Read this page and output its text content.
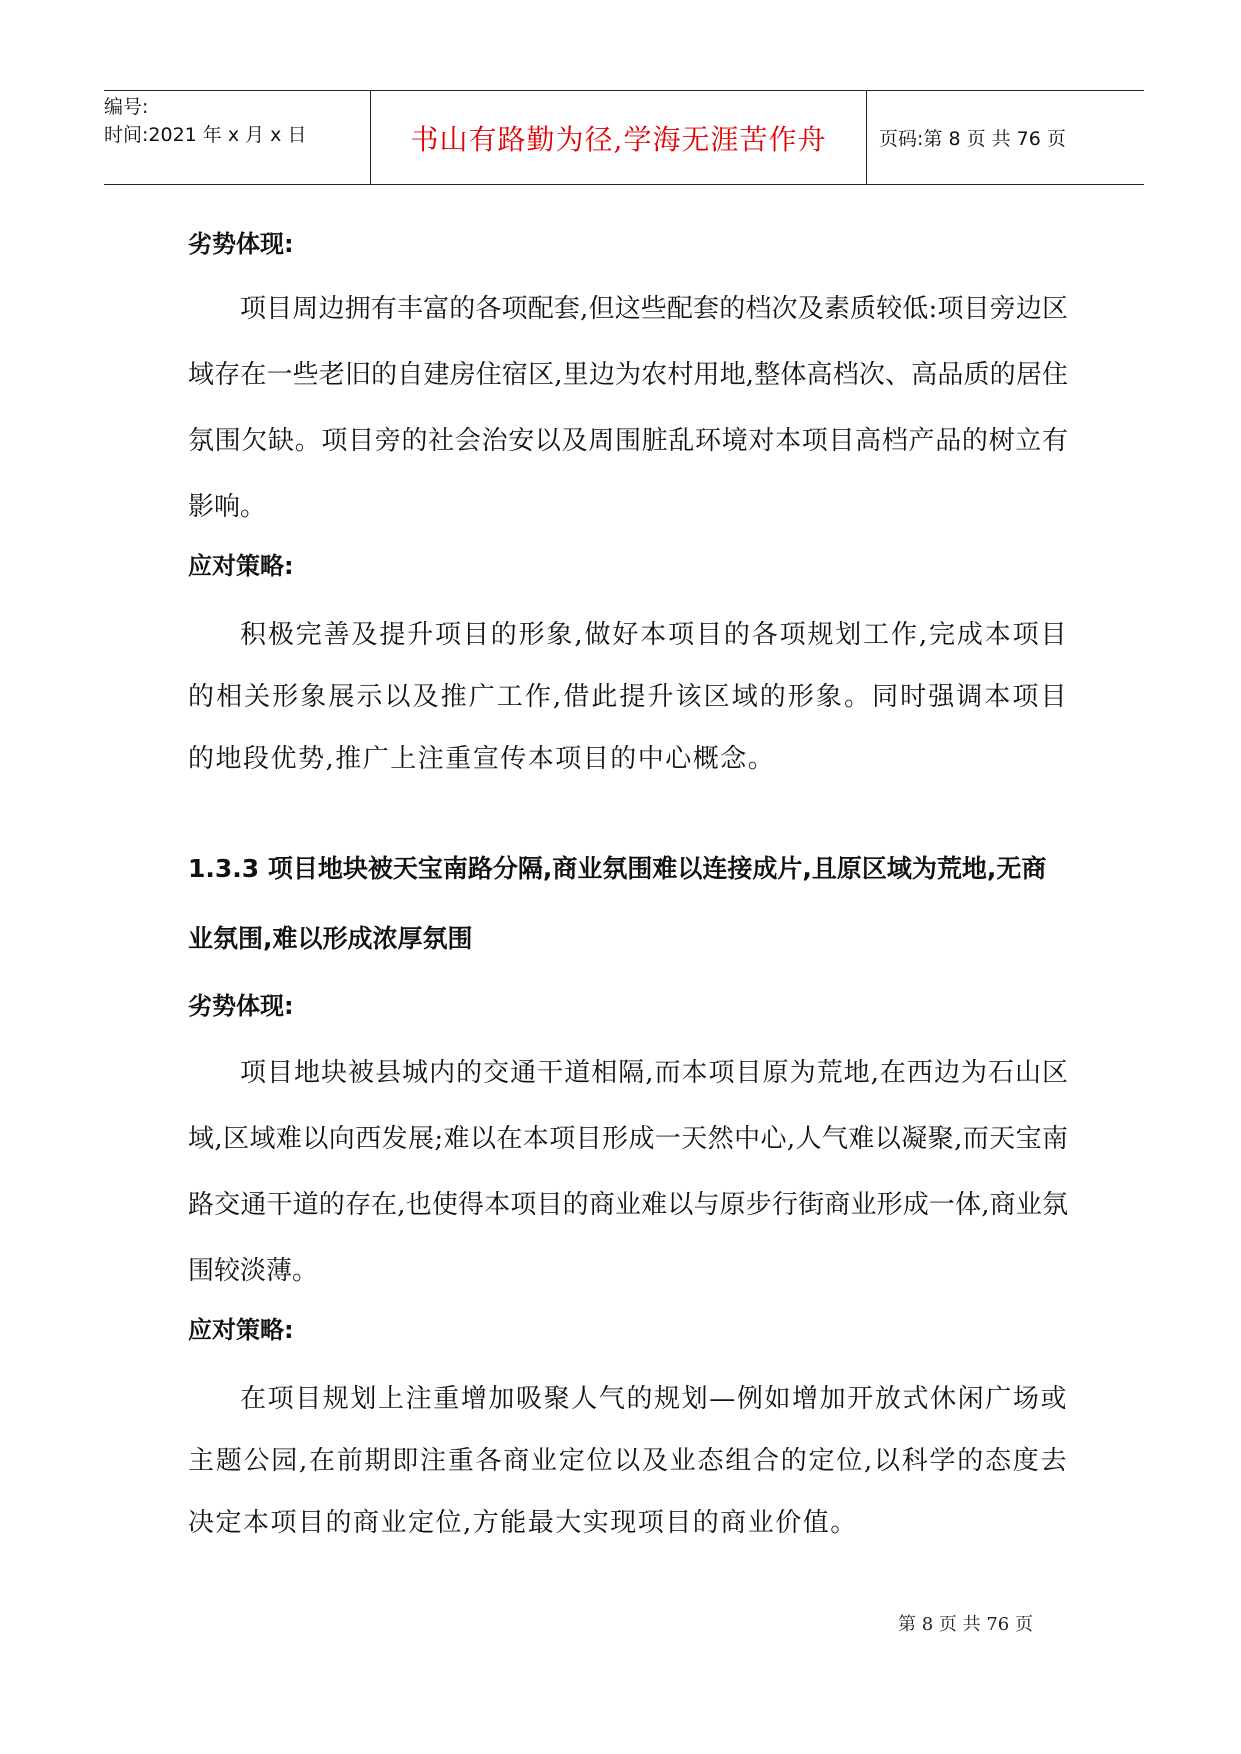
编号:
时间:2021 年 x 月 x 日	书山有路勤为径,学海无涯苦作舟	页码:第 8 页 共 76 页

劣势体现:

项目周边拥有丰富的各项配套,但这些配套的档次及素质较低:项目旁边区域存在一些老旧的自建房住宿区,里边为农村用地,整体高档次、高品质的居住氛围欠缺。项目旁的社会治安以及周围脏乱环境对本项目高档产品的树立有影响。

应对策略:

积极完善及提升项目的形象,做好本项目的各项规划工作,完成本项目的相关形象展示以及推广工作,借此提升该区域的形象。同时强调本项目的地段优势,推广上注重宣传本项目的中心概念。

1.3.3 项目地块被天宝南路分隔,商业氛围难以连接成片,且原区域为荒地,无商业氛围,难以形成浓厚氛围

劣势体现:

项目地块被县城内的交通干道相隔,而本项目原为荒地,在西边为石山区域,区域难以向西发展;难以在本项目形成一天然中心,人气难以凝聚,而天宝南路交通干道的存在,也使得本项目的商业难以与原步行街商业形成一体,商业氛围较淡薄。

应对策略:

在项目规划上注重增加吸聚人气的规划—例如增加开放式休闲广场或主题公园,在前期即注重各商业定位以及业态组合的定位,以科学的态度去决定本项目的商业定位,方能最大实现项目的商业价值。

第 8 页 共 76 页
